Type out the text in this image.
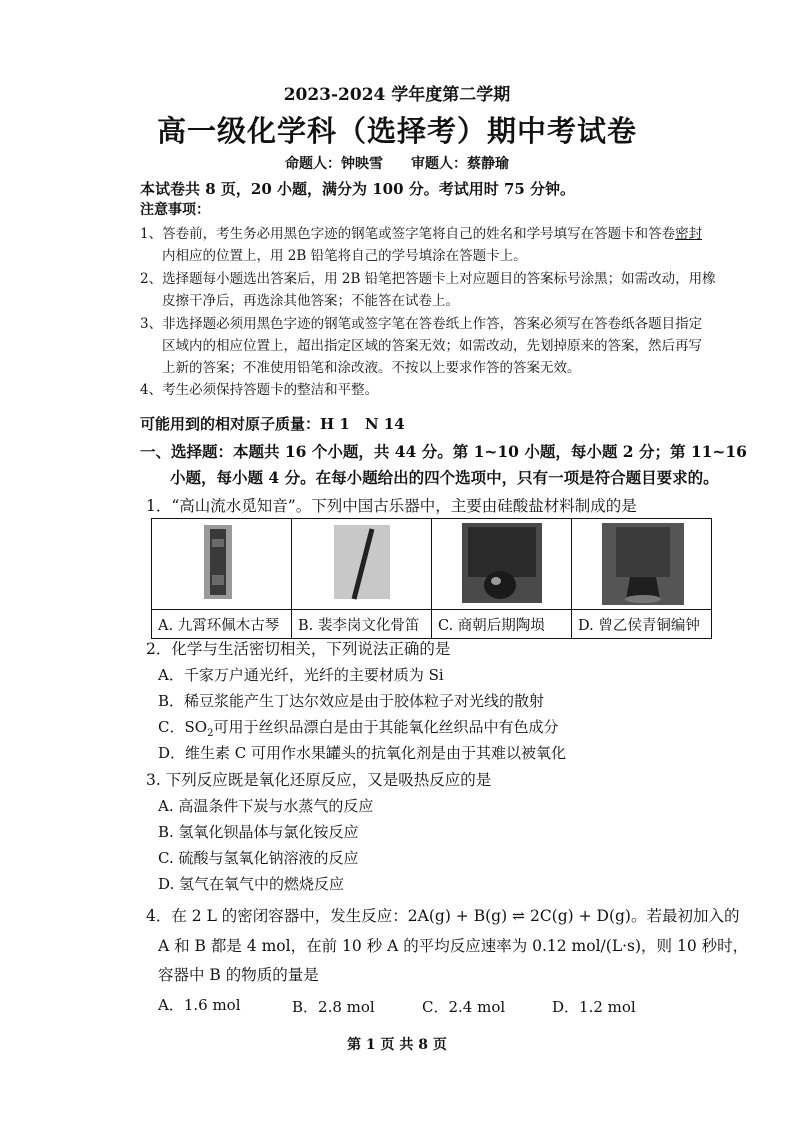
2023-2024 学年度第二学期
高一级化学科（选择考）期中考试卷
命题人：钟映雪　　审题人：蔡静瑜
本试卷共 8 页，20 小题，满分为 100 分。考试用时 75 分钟。
注意事项：
1、答卷前，考生务必用黑色字迹的钢笔或签字笔将自己的姓名和学号填写在答题卡和答卷密封
内相应的位置上，用 2B 铅笔将自己的学号填涂在答题卡上。
2、选择题每小题选出答案后，用 2B 铅笔把答题卡上对应题目的答案标号涂黑；如需改动，用橡
皮擦干净后，再选涂其他答案；不能答在试卷上。
3、非选择题必须用黑色字迹的钢笔或签字笔在答卷纸上作答，答案必须写在答卷纸各题目指定
区域内的相应位置上，超出指定区域的答案无效；如需改动，先划掉原来的答案，然后再写
上新的答案；不准使用铅笔和涂改液。不按以上要求作答的答案无效。
4、考生必须保持答题卡的整洁和平整。
可能用到的相对原子质量：H 1　N 14
一、选择题：本题共 16 个小题，共 44 分。第 1~10 小题，每小题 2 分；第 11~16
小题，每小题 4 分。在每小题给出的四个选项中，只有一项是符合题目要求的。
1．“高山流水觅知音”。下列中国古乐器中，主要由硅酸盐材料制成的是

A. 九霄环佩木古琴	B. 裴李岗文化骨笛	C. 商朝后期陶埙	D. 曾乙侯青铜编钟
2．化学与生活密切相关，下列说法正确的是
A．千家万户通光纤，光纤的主要材质为 Si
B．稀豆浆能产生丁达尔效应是由于胶体粒子对光线的散射
C．$SO_2$可用于丝织品漂白是由于其能氧化丝织品中有色成分
D．维生素 C 可用作水果罐头的抗氧化剂是由于其难以被氧化
3. 下列反应既是氧化还原反应，又是吸热反应的是
A. 高温条件下炭与水蒸气的反应
B. 氢氧化钡晶体与氯化铵反应
C. 硫酸与氢氧化钠溶液的反应
D. 氢气在氧气中的燃烧反应
4．在 2 L 的密闭容器中，发生反应：2A(g) + B(g) ⇌ 2C(g) + D(g)。若最初加入的
A 和 B 都是 4 mol，在前 10 秒 A 的平均反应速率为 0.12 mol/(L·s)，则 10 秒时，
容器中 B 的物质的量是
A．1.6 mol	B．2.8 mol	C．2.4 mol	D．1.2 mol
第 1 页 共 8 页
